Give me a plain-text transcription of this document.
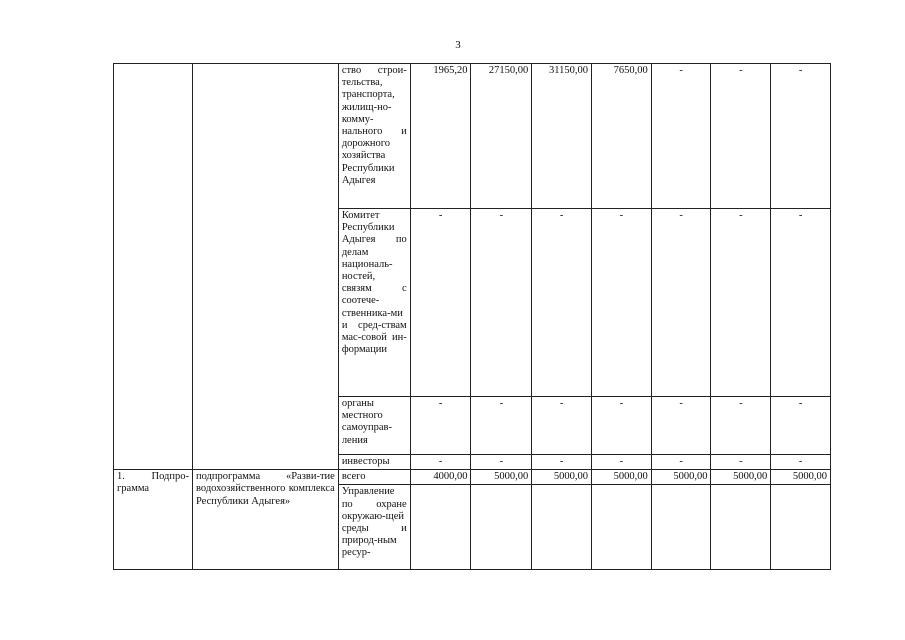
3
		ство строи-тельства, транспорта, жилищ-но-комму-нального и дорожного хозяйства Республики Адыгея	1965,20	27150,00	31150,00	7650,00	-	-	-
		Комитет Республики Адыгея по делам националь-ностей, связям с соотече-ственника-ми и сред-ствам мас-совой ин-формации	-	-	-	-	-	-	-
		органы местного самоуправ-ления	-	-	-	-	-	-	-
		инвесторы	-	-	-	-	-	-	-
1. Подпро-грамма	подпрограмма «Разви-тие водохозяйственного комплекса Республики Адыгея»	всего	4000,00	5000,00	5000,00	5000,00	5000,00	5000,00	5000,00
		Управление по охране окружаю-щей среды и природ-ным ресур-							
